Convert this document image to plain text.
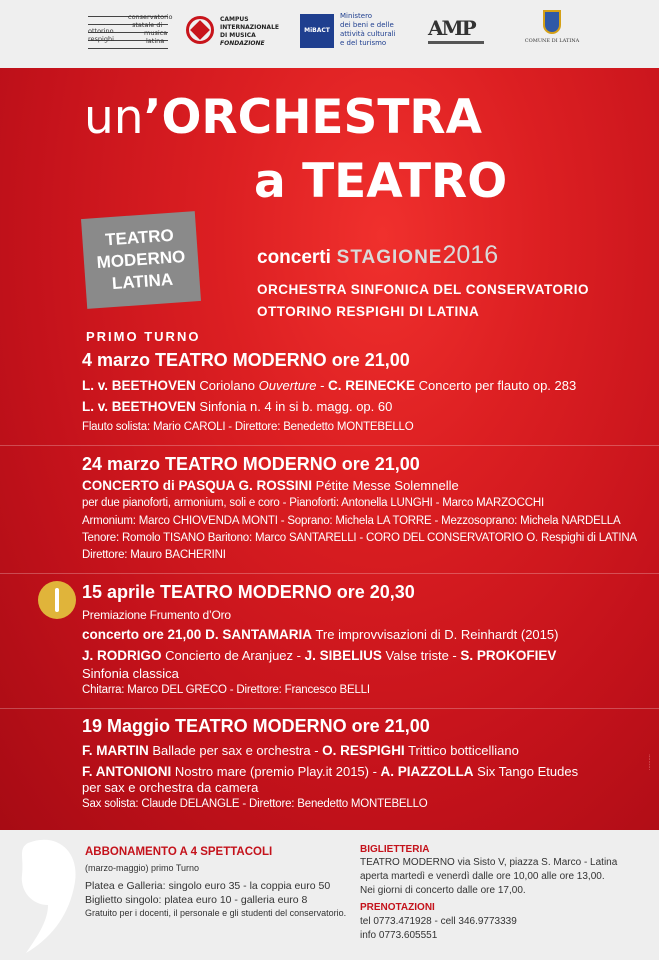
conservatorio
statale di
ottorino	musica
respighi	latina
CAMPUS
INTERNAZIONALE
DI MUSICA
FONDAZIONE
MiBACT
Ministero
dei beni e delle
attività culturali
e del turismo
AMP
COMUNE DI LATINA
un’ORCHESTRA
a TEATRO
TEATRO
MODERNO
LATINA
concerti STAGIONE2016
ORCHESTRA SINFONICA DEL CONSERVATORIO
OTTORINO RESPIGHI DI LATINA
PRIMO TURNO
4 marzo TEATRO MODERNO ore 21,00
L. v. BEETHOVEN Coriolano Ouverture - C. REINECKE Concerto per flauto op. 283
L. v. BEETHOVEN Sinfonia n. 4 in si b. magg. op. 60
Flauto solista: Mario CAROLI - Direttore: Benedetto MONTEBELLO
24 marzo TEATRO MODERNO ore 21,00
CONCERTO di PASQUA G. ROSSINI Pétite Messe Solemnelle
per due pianoforti, armonium, soli e coro - Pianoforti: Antonella LUNGHI - Marco MARZOCCHI
Armonium: Marco CHIOVENDA MONTI - Soprano: Michela LA TORRE - Mezzosoprano: Michela NARDELLA
Tenore: Romolo TISANO Baritono: Marco SANTARELLI - CORO DEL CONSERVATORIO O. Respighi di LATINA
Direttore: Mauro BACHERINI
15 aprile TEATRO MODERNO ore 20,30
Premiazione Frumento d’Oro
concerto ore 21,00 D. SANTAMARIA Tre improvvisazioni di D. Reinhardt (2015)
J. RODRIGO Concierto de Aranjuez - J. SIBELIUS Valse triste - S. PROKOFIEV
Sinfonia classica
Chitarra: Marco DEL GRECO - Direttore: Francesco BELLI
19 Maggio TEATRO MODERNO ore 21,00
F. MARTIN Ballade per sax e orchestra - O. RESPIGHI Trittico botticelliano
F. ANTONIONI Nostro mare (premio Play.it 2015) - A. PIAZZOLLA Six Tango Etudes
per sax e orchestra da camera
Sax solista: Claude DELANGLE - Direttore: Benedetto MONTEBELLO
..........
ABBONAMENTO A 4 SPETTACOLI
(marzo-maggio) primo Turno
Platea e Galleria: singolo euro 35 - la coppia euro 50
Biglietto singolo: platea euro 10 - galleria euro 8
Gratuito per i docenti, il personale e gli studenti del conservatorio.
BIGLIETTERIA
TEATRO MODERNO via Sisto V, piazza S. Marco - Latina
aperta martedì e venerdì dalle ore 10,00 alle ore 13,00.
Nei giorni di concerto dalle ore 17,00.
PRENOTAZIONI
tel 0773.471928 - cell 346.9773339
info 0773.605551
